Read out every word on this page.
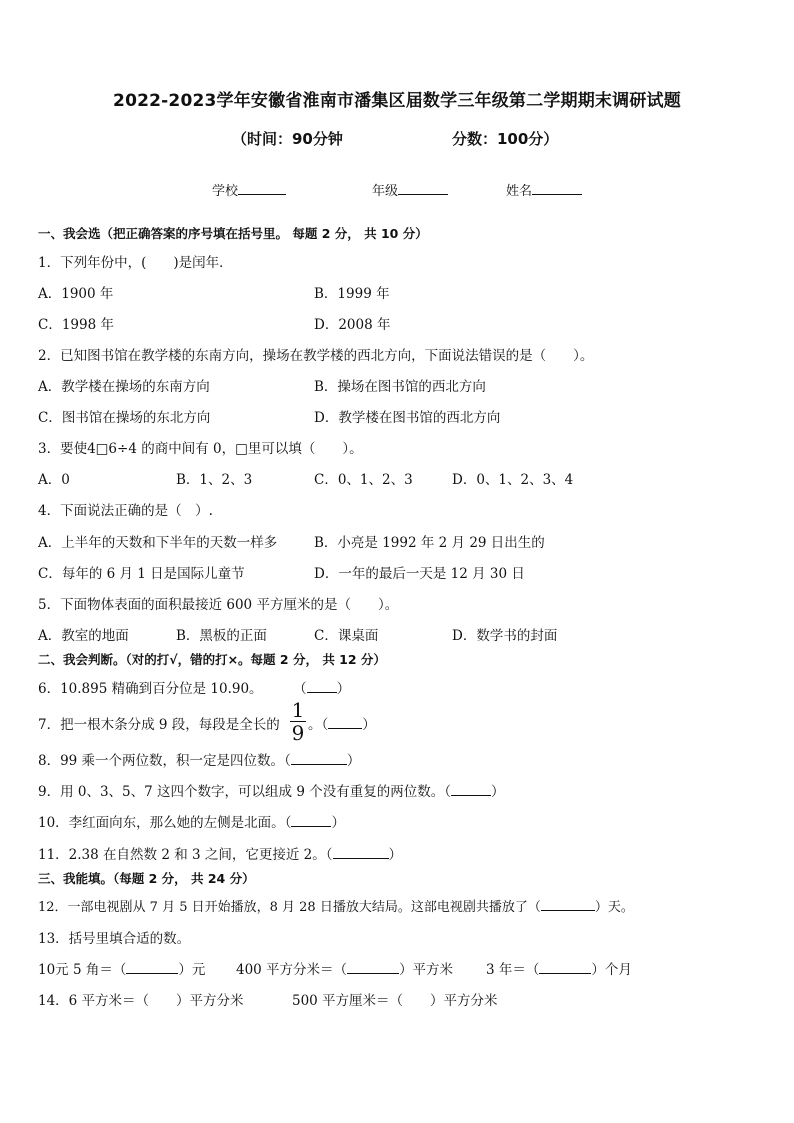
2022-2023学年安徽省淮南市潘集区届数学三年级第二学期期末调研试题
（时间：90分钟	分数：100分）
学校	年级	姓名
一、我会选（把正确答案的序号填在括号里。 每题 2 分， 共 10 分）
1．下列年份中，(　　)是闰年．
A．1900 年	B．1999 年
C．1998 年	D．2008 年
2．已知图书馆在教学楼的东南方向，操场在教学楼的西北方向，下面说法错误的是（　　）。
A．教学楼在操场的东南方向	B．操场在图书馆的西北方向
C．图书馆在操场的东北方向	D．教学楼在图书馆的西北方向
3．要使4□6÷4 的商中间有 0，□里可以填（　　）。
A．0	B．1、2、3	C．0、1、2、3	D．0、1、2、3、4
4．下面说法正确的是（　）.
A．上半年的天数和下半年的天数一样多	B．小亮是 1992 年 2 月 29 日出生的
C．每年的 6 月 1 日是国际儿童节	D．一年的最后一天是 12 月 30 日
5．下面物体表面的面积最接近 600 平方厘米的是（　　）。
A．教室的地面	B．黑板的正面	C．课桌面	D．数学书的封面
二、我会判断。（对的打√，错的打×。每题 2 分， 共 12 分）
6．10.895 精确到百分位是 10.90。 （ ）
7．把一根木条分成 9 段，每段是全长的
1
9 。（	）
8．99 乘一个两位数，积一定是四位数。（	）
9．用 0、3、5、7 这四个数字，可以组成 9 个没有重复的两位数。（	）
10．李红面向东，那么她的左侧是北面。（	）
11．2.38 在自然数 2 和 3 之间，它更接近 2。（	）
三、我能填。（每题 2 分， 共 24 分）
12．一部电视剧从 7 月 5 日开始播放，8 月 28 日播放大结局。这部电视剧共播放了（	）天。
13．括号里填合适的数。
10元 5 角＝（	）元 400 平方分米＝（	）平方米 3 年＝（	）个月
14．6 平方米＝（　　）平方分米	500 平方厘米＝（　　）平方分米
